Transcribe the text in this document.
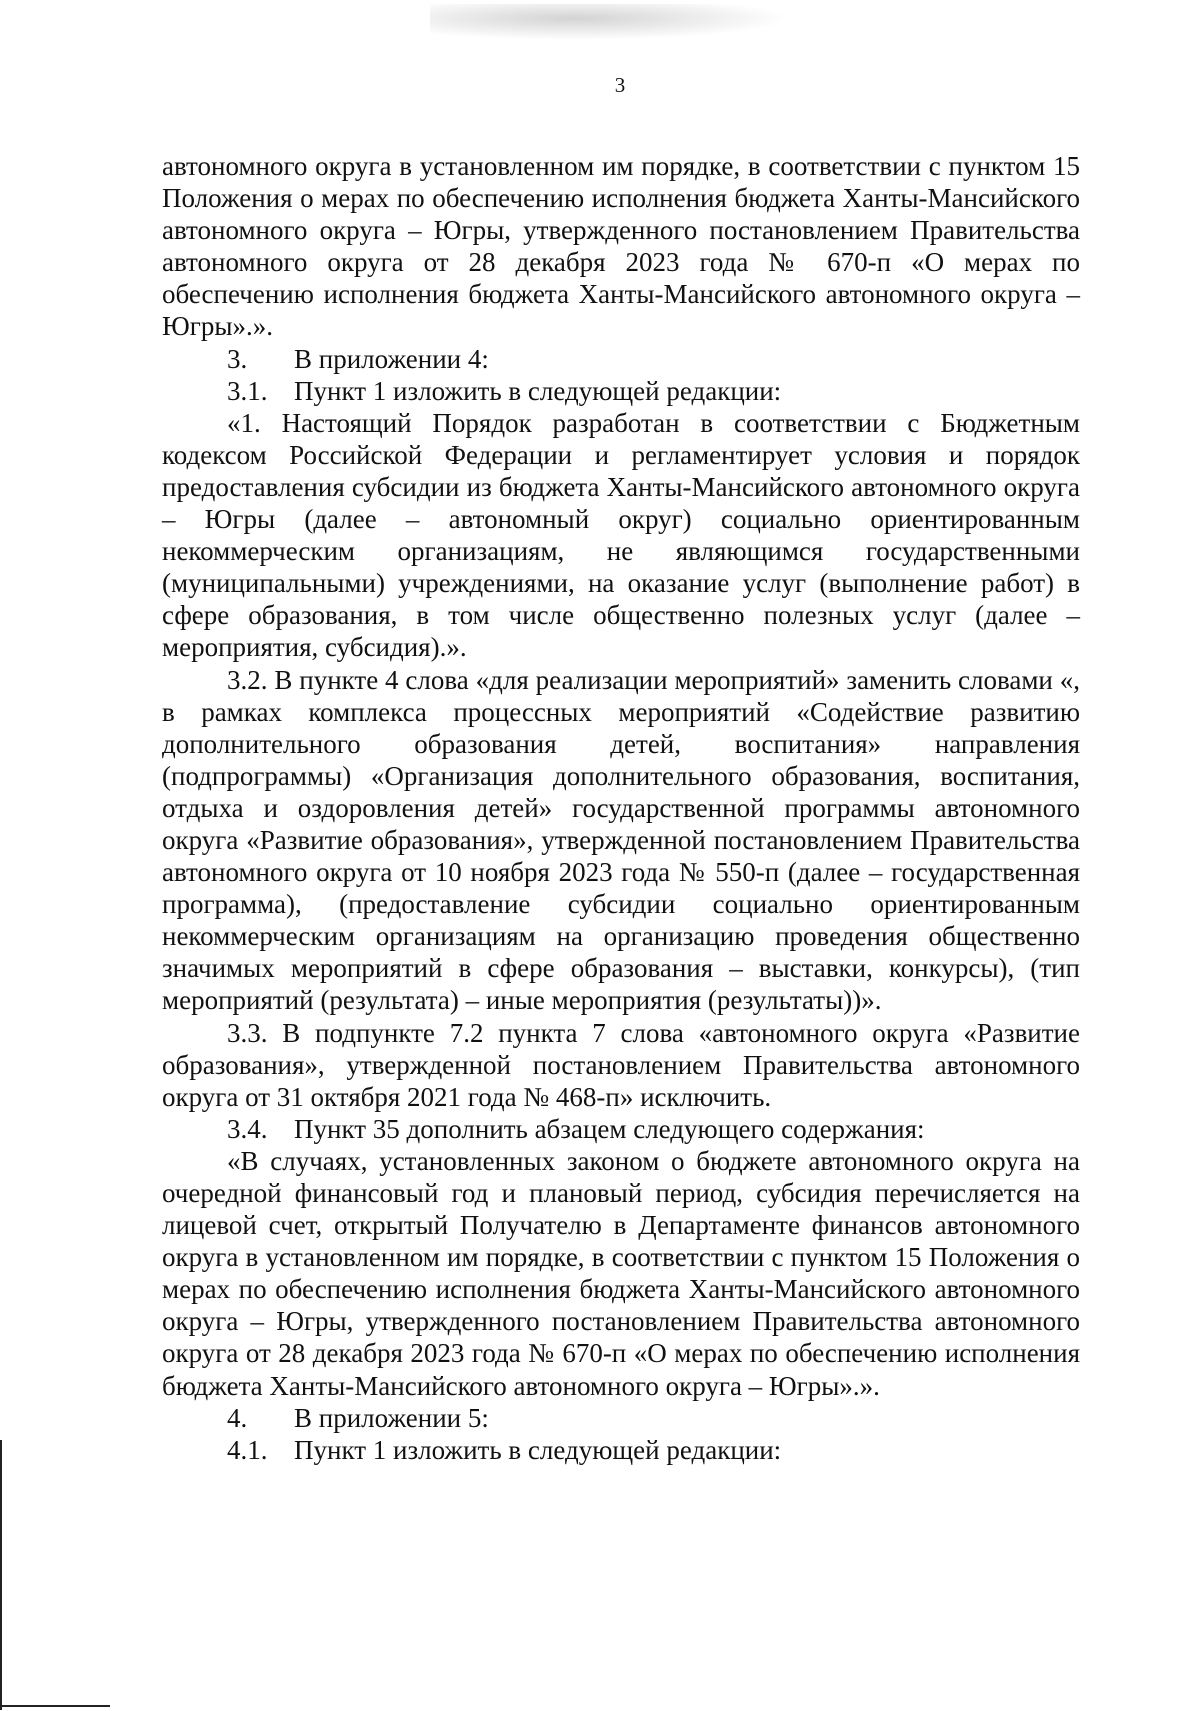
3

автономного округа в установленном им порядке, в соответствии с пунктом 15 Положения о мерах по обеспечению исполнения бюджета Ханты-Мансийского автономного округа – Югры, утвержденного постановлением Правительства автономного округа от 28 декабря 2023 года № 670-п «О мерах по обеспечению исполнения бюджета Ханты-Мансийского автономного округа – Югры».».

3.	В приложении 4:

3.1. Пункт 1 изложить в следующей редакции:

«1. Настоящий Порядок разработан в соответствии с Бюджетным кодексом Российской Федерации и регламентирует условия и порядок предоставления субсидии из бюджета Ханты-Мансийского автономного округа – Югры (далее – автономный округ) социально ориентированным некоммерческим организациям, не являющимся государственными (муниципальными) учреждениями, на оказание услуг (выполнение работ) в сфере образования, в том числе общественно полезных услуг (далее – мероприятия, субсидия).».

3.2. В пункте 4 слова «для реализации мероприятий» заменить словами «, в рамках комплекса процессных мероприятий «Содействие развитию дополнительного образования детей, воспитания» направления (подпрограммы) «Организация дополнительного образования, воспитания, отдыха и оздоровления детей» государственной программы автономного округа «Развитие образования», утвержденной постановлением Правительства автономного округа от 10 ноября 2023 года № 550-п (далее – государственная программа), (предоставление субсидии социально ориентированным некоммерческим организациям на организацию проведения общественно значимых мероприятий в сфере образования – выставки, конкурсы), (тип мероприятий (результата) – иные мероприятия (результаты))».

3.3. В подпункте 7.2 пункта 7 слова «автономного округа «Развитие образования», утвержденной постановлением Правительства автономного округа от 31 октября 2021 года № 468-п» исключить.

3.4. Пункт 35 дополнить абзацем следующего содержания:

«В случаях, установленных законом о бюджете автономного округа на очередной финансовый год и плановый период, субсидия перечисляется на лицевой счет, открытый Получателю в Департаменте финансов автономного округа в установленном им порядке, в соответствии с пунктом 15 Положения о мерах по обеспечению исполнения бюджета Ханты-Мансийского автономного округа – Югры, утвержденного постановлением Правительства автономного округа от 28 декабря 2023 года № 670-п «О мерах по обеспечению исполнения бюджета Ханты-Мансийского автономного округа – Югры».».

4.	В приложении 5:

4.1. Пункт 1 изложить в следующей редакции:
